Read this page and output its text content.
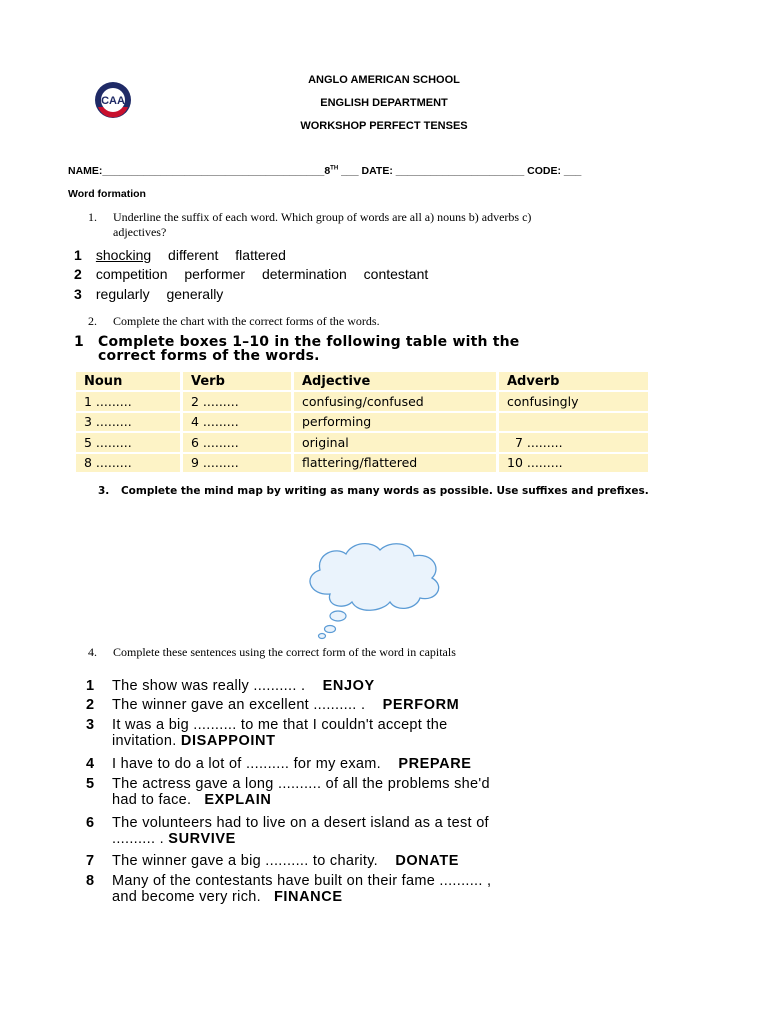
ANGLO AMERICAN SCHOOL
ENGLISH DEPARTMENT
WORKSHOP PERFECT TENSES
CAA
NAME:______________________________________8TH ___ DATE: ______________________ CODE: ___
Word formation
1.	Underline the suffix of each word. Which group of words are all a) nouns b) adverbs c)
adjectives?
1 shocking different flattered
2 competition performer determination contestant
3 regularly generally
2. Complete the chart with the correct forms of the words.
1 Complete boxes 1–10 in the following table with the
correct forms of the words.
Noun	Verb	Adjective	Adverb
1 .........	2 .........	confusing/confused	confusingly
3 .........	4 .........	performing	
5 .........	6 .........	original	7 .........
8 .........	9 .........	flattering/flattered	10 .........
3. Complete the mind map by writing as many words as possible. Use suffixes and prefixes.
4. Complete these sentences using the correct form of the word in capitals
1 The show was really .......... . ENJOY
2 The winner gave an excellent .......... . PERFORM
3 It was a big .......... to me that I couldn't accept the
invitation. DISAPPOINT
4 I have to do a lot of .......... for my exam. PREPARE
5 The actress gave a long .......... of all the problems she'd
had to face. EXPLAIN
6 The volunteers had to live on a desert island as a test of
.......... . SURVIVE
7 The winner gave a big .......... to charity. DONATE
8 Many of the contestants have built on their fame .......... ,
and become very rich. FINANCE
